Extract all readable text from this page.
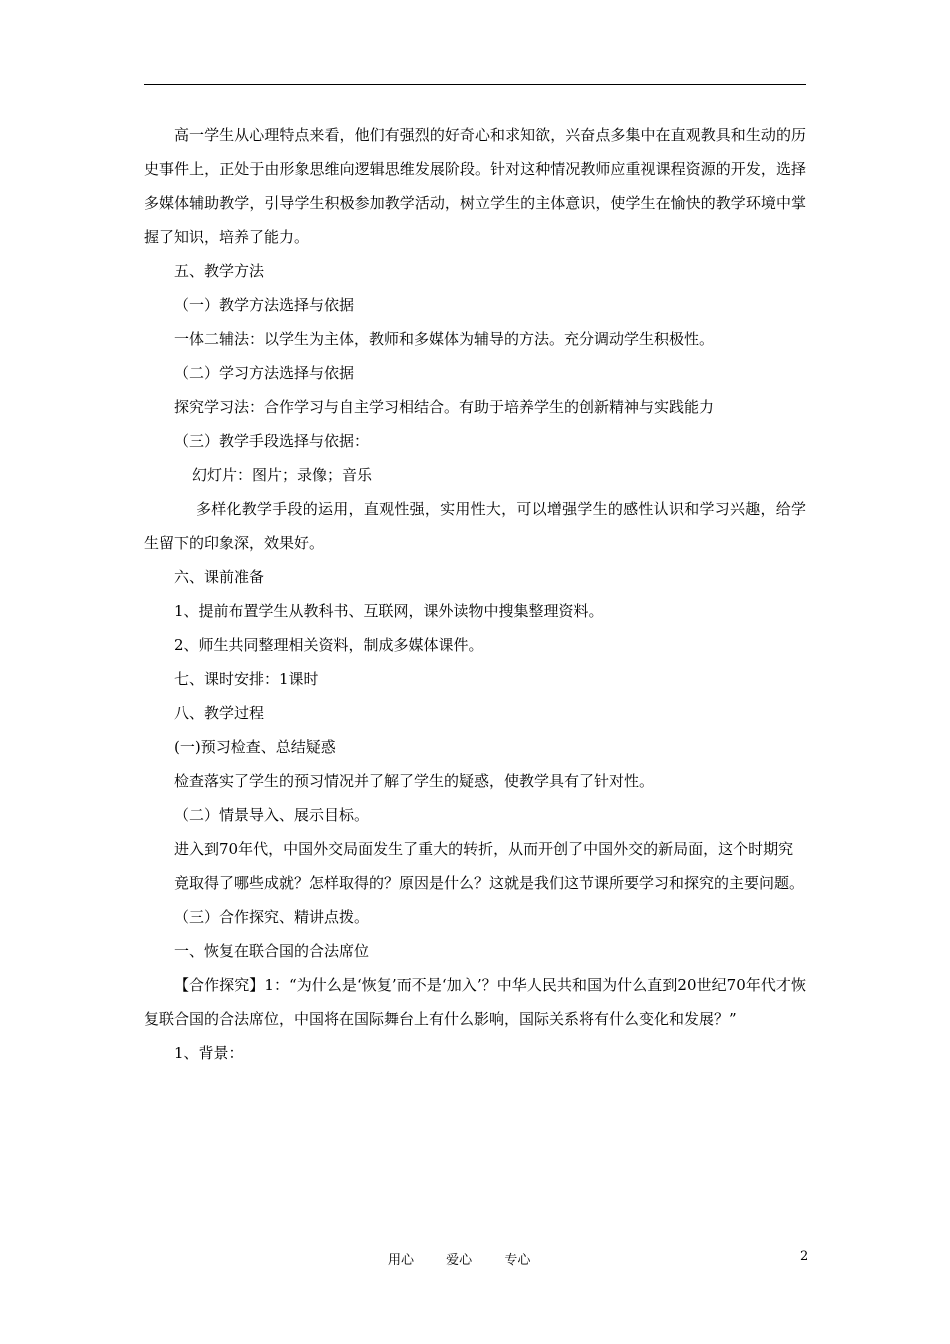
高一学生从心理特点来看，他们有强烈的好奇心和求知欲，兴奋点多集中在直观教具和生动的历史事件上，正处于由形象思维向逻辑思维发展阶段。针对这种情况教师应重视课程资源的开发，选择多媒体辅助教学，引导学生积极参加教学活动，树立学生的主体意识，使学生在愉快的教学环境中掌握了知识，培养了能力。

五、教学方法

（一）教学方法选择与依据

一体二辅法：以学生为主体，教师和多媒体为辅导的方法。充分调动学生积极性。

（二）学习方法选择与依据

探究学习法：合作学习与自主学习相结合。有助于培养学生的创新精神与实践能力

（三）教学手段选择与依据：

幻灯片：图片；录像；音乐

多样化教学手段的运用，直观性强，实用性大，可以增强学生的感性认识和学习兴趣，给学生留下的印象深，效果好。

六、课前准备

1、提前布置学生从教科书、互联网，课外读物中搜集整理资料。

2、师生共同整理相关资料，制成多媒体课件。

七、课时安排：1课时

八、教学过程

(一)预习检查、总结疑惑

检查落实了学生的预习情况并了解了学生的疑惑，使教学具有了针对性。

（二）情景导入、展示目标。

进入到70年代，中国外交局面发生了重大的转折，从而开创了中国外交的新局面，这个时期究

竟取得了哪些成就？怎样取得的？原因是什么？这就是我们这节课所要学习和探究的主要问题。

（三）合作探究、精讲点拨。

一、恢复在联合国的合法席位

【合作探究】1：“为什么是‘恢复’而不是‘加入’？中华人民共和国为什么直到20世纪70年代才恢复联合国的合法席位，中国将在国际舞台上有什么影响，国际关系将有什么变化和发展？”

1、背景：

用心 爱心 专心	2
